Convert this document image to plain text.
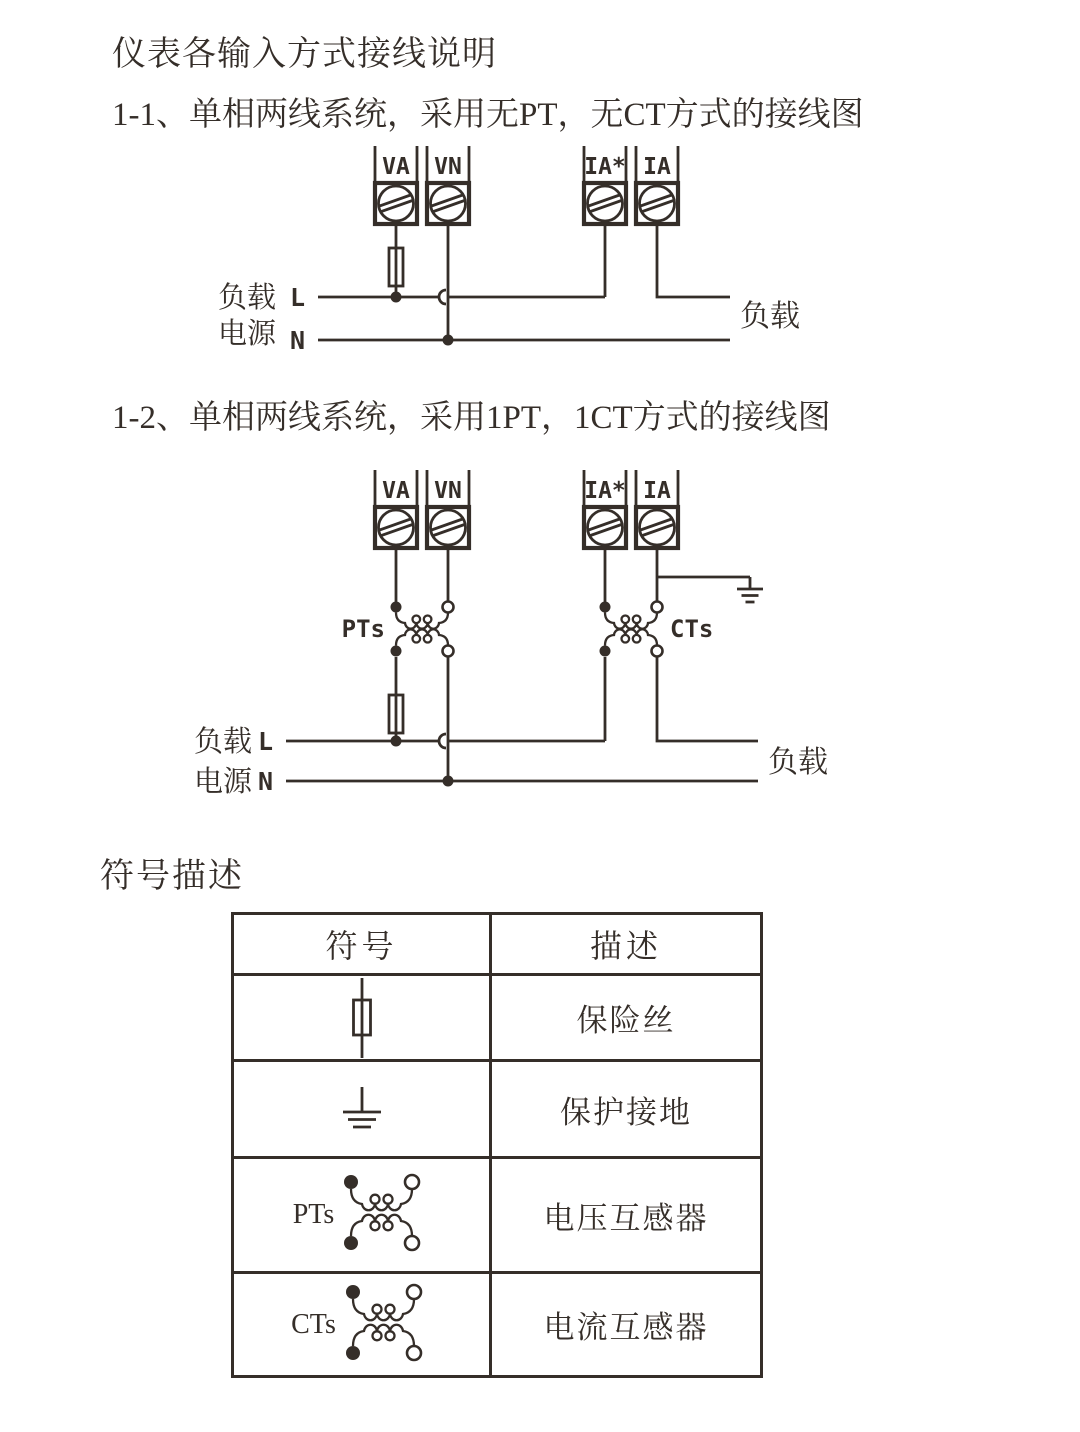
仪表各输入方式接线说明
1-1、单相两线系统，采用无PT，无CT方式的接线图
1-2、单相两线系统，采用1PT，1CT方式的接线图
符号描述
VA VN	IA* IA
负载
电源
L
N
负载
VA VN	IA* IA
PTs	CTs
负载
电源
L
N
负载
符号	描述
保险丝
保护接地
PTs	电压互感器
CTs	电流互感器
